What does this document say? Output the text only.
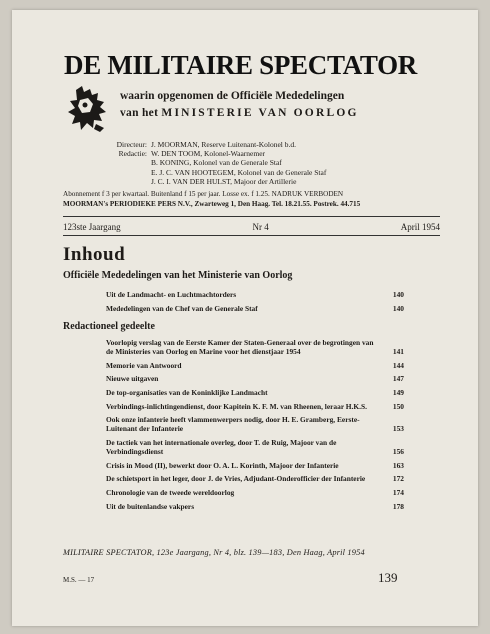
DE MILITAIRE SPECTATOR
waarin opgenomen de Officiële Mededelingen
van het MINISTERIE VAN OORLOG
Directeur: J. MOORMAN, Reserve Luitenant-Kolonel b.d.
Redactie: W. DEN TOOM, Kolonel-Waarnemer
B. KONING, Kolonel van de Generale Staf
E. J. C. VAN HOOTEGEM, Kolonel van de Generale Staf
J. C. I. VAN DER HULST, Majoor der Artillerie
Abonnement f 3 per kwartaal. Buitenland f 15 per jaar. Losse ex. f 1.25. NADRUK VERBODEN
MOORMAN's PERIODIEKE PERS N.V., Zwarteweg 1, Den Haag. Tel. 18.21.55. Postrek. 44.715
123ste Jaargang	Nr 4	April 1954
Inhoud
Officiële Mededelingen van het Ministerie van Oorlog
Uit de Landmacht- en Luchtmachtorders	140
Mededelingen van de Chef van de Generale Staf	140
Redactioneel gedeelte
Voorlopig verslag van de Eerste Kamer der Staten-Generaal over de begrotingen van de Ministeries van Oorlog en Marine voor het dienstjaar 1954	141
Memorie van Antwoord	144
Nieuwe uitgaven	147
De top-organisaties van de Koninklijke Landmacht	149
Verbindings-inlichtingendienst, door Kapitein K. F. M. van Rheenen, leraar H.K.S.	150
Ook onze infanterie heeft vlammenwerpers nodig, door H. E. Gramberg, Eerste-Luitenant der Infanterie	153
De tactiek van het internationale overleg, door T. de Ruig, Majoor van de Verbindingsdienst	156
Crisis in Mood (II), bewerkt door O. A. L. Korinth, Majoor der Infanterie	163
De schietsport in het leger, door J. de Vries, Adjudant-Onderofficier der Infanterie	172
Chronologie van de tweede wereldoorlog	174
Uit de buitenlandse vakpers	178
MILITAIRE SPECTATOR, 123e Jaargang, Nr 4, blz. 139—183, Den Haag, April 1954
M.S. — 17	139
